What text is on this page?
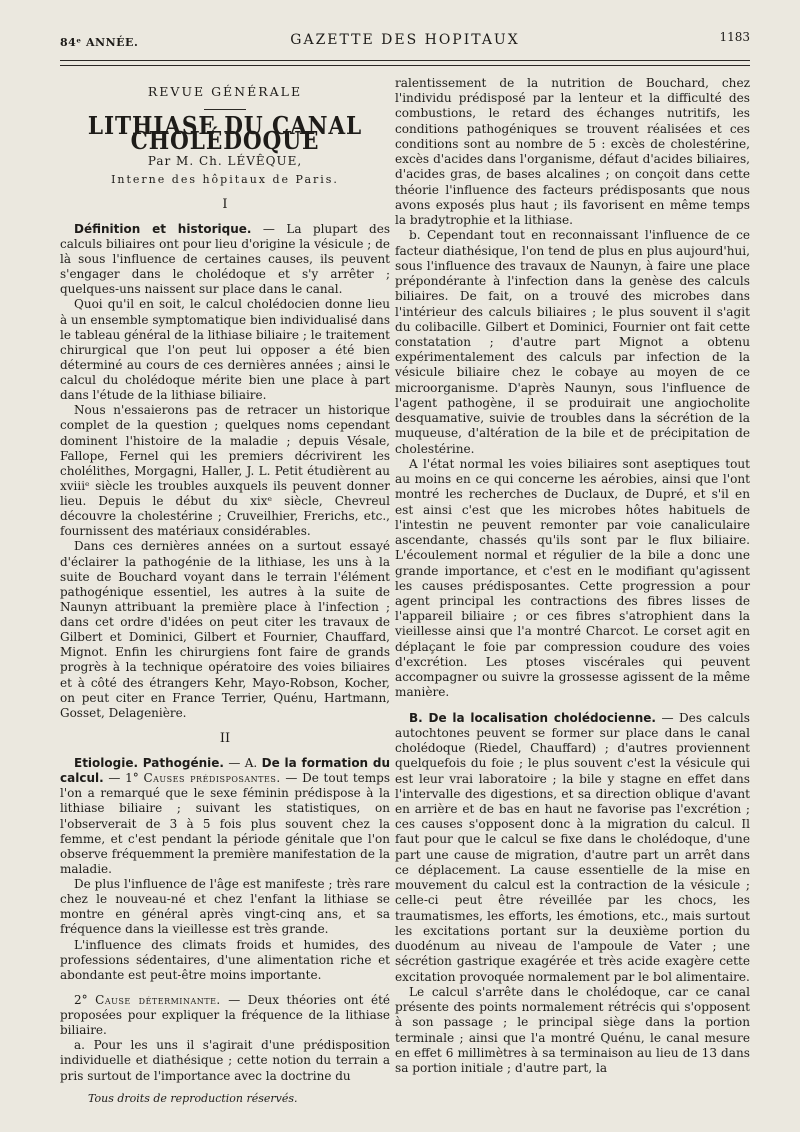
84ᵉ ANNÉE.	GAZETTE DES HOPITAUX	1183
REVUE GÉNÉRALE
LITHIASE DU CANAL CHOLÉDOQUE
Par M. Ch. LÉVÊQUE,
Interne des hôpitaux de Paris.
I

Définition et historique. — La plupart des calculs biliaires ont pour lieu d'origine la vésicule ; de là sous l'influence de certaines causes, ils peuvent s'engager dans le cholédoque et s'y arrêter ; quelques-uns naissent sur place dans le canal.

Quoi qu'il en soit, le calcul cholédocien donne lieu à un ensemble symptomatique bien individualisé dans le tableau général de la lithiase biliaire ; le traitement chirurgical que l'on peut lui opposer a été bien déterminé au cours de ces dernières années ; ainsi le calcul du cholédoque mérite bien une place à part dans l'étude de la lithiase biliaire.

Nous n'essaierons pas de retracer un historique complet de la question ; quelques noms cependant dominent l'histoire de la maladie ; depuis Vésale, Fallope, Fernel qui les premiers décrivirent les cholélithes, Morgagni, Haller, J. L. Petit étudièrent au xviiiᵉ siècle les troubles auxquels ils peuvent donner lieu. Depuis le début du xixᵉ siècle, Chevreul découvre la cholestérine ; Cruveilhier, Frerichs, etc., fournissent des matériaux considérables.

Dans ces dernières années on a surtout essayé d'éclairer la pathogénie de la lithiase, les uns à la suite de Bouchard voyant dans le terrain l'élément pathogénique essentiel, les autres à la suite de Naunyn attribuant la première place à l'infection ; dans cet ordre d'idées on peut citer les travaux de Gilbert et Dominici, Gilbert et Fournier, Chauffard, Mignot. Enfin les chirurgiens font faire de grands progrès à la technique opératoire des voies biliaires et à côté des étrangers Kehr, Mayo-Robson, Kocher, on peut citer en France Terrier, Quénu, Hartmann, Gosset, Delagenière.

II

Etiologie. Pathogénie. — A. De la formation du calcul. — 1° Causes prédisposantes. — De tout temps l'on a remarqué que le sexe féminin prédispose à la lithiase biliaire ; suivant les statistiques, on l'observerait de 3 à 5 fois plus souvent chez la femme, et c'est pendant la période génitale que l'on observe fréquemment la première manifestation de la maladie.

De plus l'influence de l'âge est manifeste ; très rare chez le nouveau-né et chez l'enfant la lithiase se montre en général après vingt-cinq ans, et sa fréquence dans la vieillesse est très grande.

L'influence des climats froids et humides, des professions sédentaires, d'une alimentation riche et abondante est peut-être moins importante.

2° Cause déterminante. — Deux théories ont été proposées pour expliquer la fréquence de la lithiase biliaire.

a. Pour les uns il s'agirait d'une prédisposition individuelle et diathésique ; cette notion du terrain a pris surtout de l'importance avec la doctrine du

ralentissement de la nutrition de Bouchard, chez l'individu prédisposé par la lenteur et la difficulté des combustions, le retard des échanges nutritifs, les conditions pathogéniques se trouvent réalisées et ces conditions sont au nombre de 5 : excès de cholestérine, excès d'acides dans l'organisme, défaut d'acides biliaires, d'acides gras, de bases alcalines ; on conçoit dans cette théorie l'influence des facteurs prédisposants que nous avons exposés plus haut ; ils favorisent en même temps la bradytrophie et la lithiase.

b. Cependant tout en reconnaissant l'influence de ce facteur diathésique, l'on tend de plus en plus aujourd'hui, sous l'influence des travaux de Naunyn, à faire une place prépondérante à l'infection dans la genèse des calculs biliaires. De fait, on a trouvé des microbes dans l'intérieur des calculs biliaires ; le plus souvent il s'agit du colibacille. Gilbert et Dominici, Fournier ont fait cette constatation ; d'autre part Mignot a obtenu expérimentalement des calculs par infection de la vésicule biliaire chez le cobaye au moyen de ce microorganisme. D'après Naunyn, sous l'influence de l'agent pathogène, il se produirait une angiocholite desquamative, suivie de troubles dans la sécrétion de la muqueuse, d'altération de la bile et de précipitation de cholestérine.

A l'état normal les voies biliaires sont aseptiques tout au moins en ce qui concerne les aérobies, ainsi que l'ont montré les recherches de Duclaux, de Dupré, et s'il en est ainsi c'est que les microbes hôtes habituels de l'intestin ne peuvent remonter par voie canaliculaire ascendante, chassés qu'ils sont par le flux biliaire. L'écoulement normal et régulier de la bile a donc une grande importance, et c'est en le modifiant qu'agissent les causes prédisposantes. Cette progression a pour agent principal les contractions des fibres lisses de l'appareil biliaire ; or ces fibres s'atrophient dans la vieillesse ainsi que l'a montré Charcot. Le corset agit en déplaçant le foie par compression coudure des voies d'excrétion. Les ptoses viscérales qui peuvent accompagner ou suivre la grossesse agissent de la même manière.

B. De la localisation cholédocienne. — Des calculs autochtones peuvent se former sur place dans le canal cholédoque (Riedel, Chauffard) ; d'autres proviennent quelquefois du foie ; le plus souvent c'est la vésicule qui est leur vrai laboratoire ; la bile y stagne en effet dans l'intervalle des digestions, et sa direction oblique d'avant en arrière et de bas en haut ne favorise pas l'excrétion ; ces causes s'opposent donc à la migration du calcul. Il faut pour que le calcul se fixe dans le cholédoque, d'une part une cause de migration, d'autre part un arrêt dans ce déplacement. La cause essentielle de la mise en mouvement du calcul est la contraction de la vésicule ; celle-ci peut être réveillée par les chocs, les traumatismes, les efforts, les émotions, etc., mais surtout les excitations portant sur la deuxième portion du duodénum au niveau de l'ampoule de Vater ; une sécrétion gastrique exagérée et très acide exagère cette excitation provoquée normalement par le bol alimentaire.

Le calcul s'arrête dans le cholédoque, car ce canal présente des points normalement rétrécis qui s'opposent à son passage ; le principal siège dans la portion terminale ; ainsi que l'a montré Quénu, le canal mesure en effet 6 millimètres à sa terminaison au lieu de 13 dans sa portion initiale ; d'autre part, la

Tous droits de reproduction réservés.
